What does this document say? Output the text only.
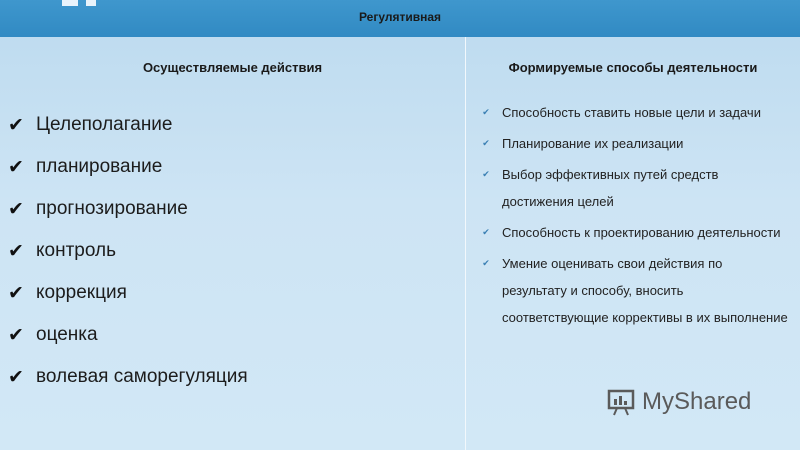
Регулятивная
Осуществляемые действия	Формируемые способы деятельности
✔ Целеполагание
✔ планирование
✔ прогнозирование
✔ контроль
✔ коррекция
✔ оценка
✔ волевая саморегуляция
✔ Способность ставить новые цели и задачи
✔ Планирование их реализации
✔ Выбор эффективных путей средств достижения целей
✔ Способность к проектированию деятельности
✔ Умение оценивать свои действия по результату и способу, вносить соответствующие коррективы в их выполнение
MyShared
